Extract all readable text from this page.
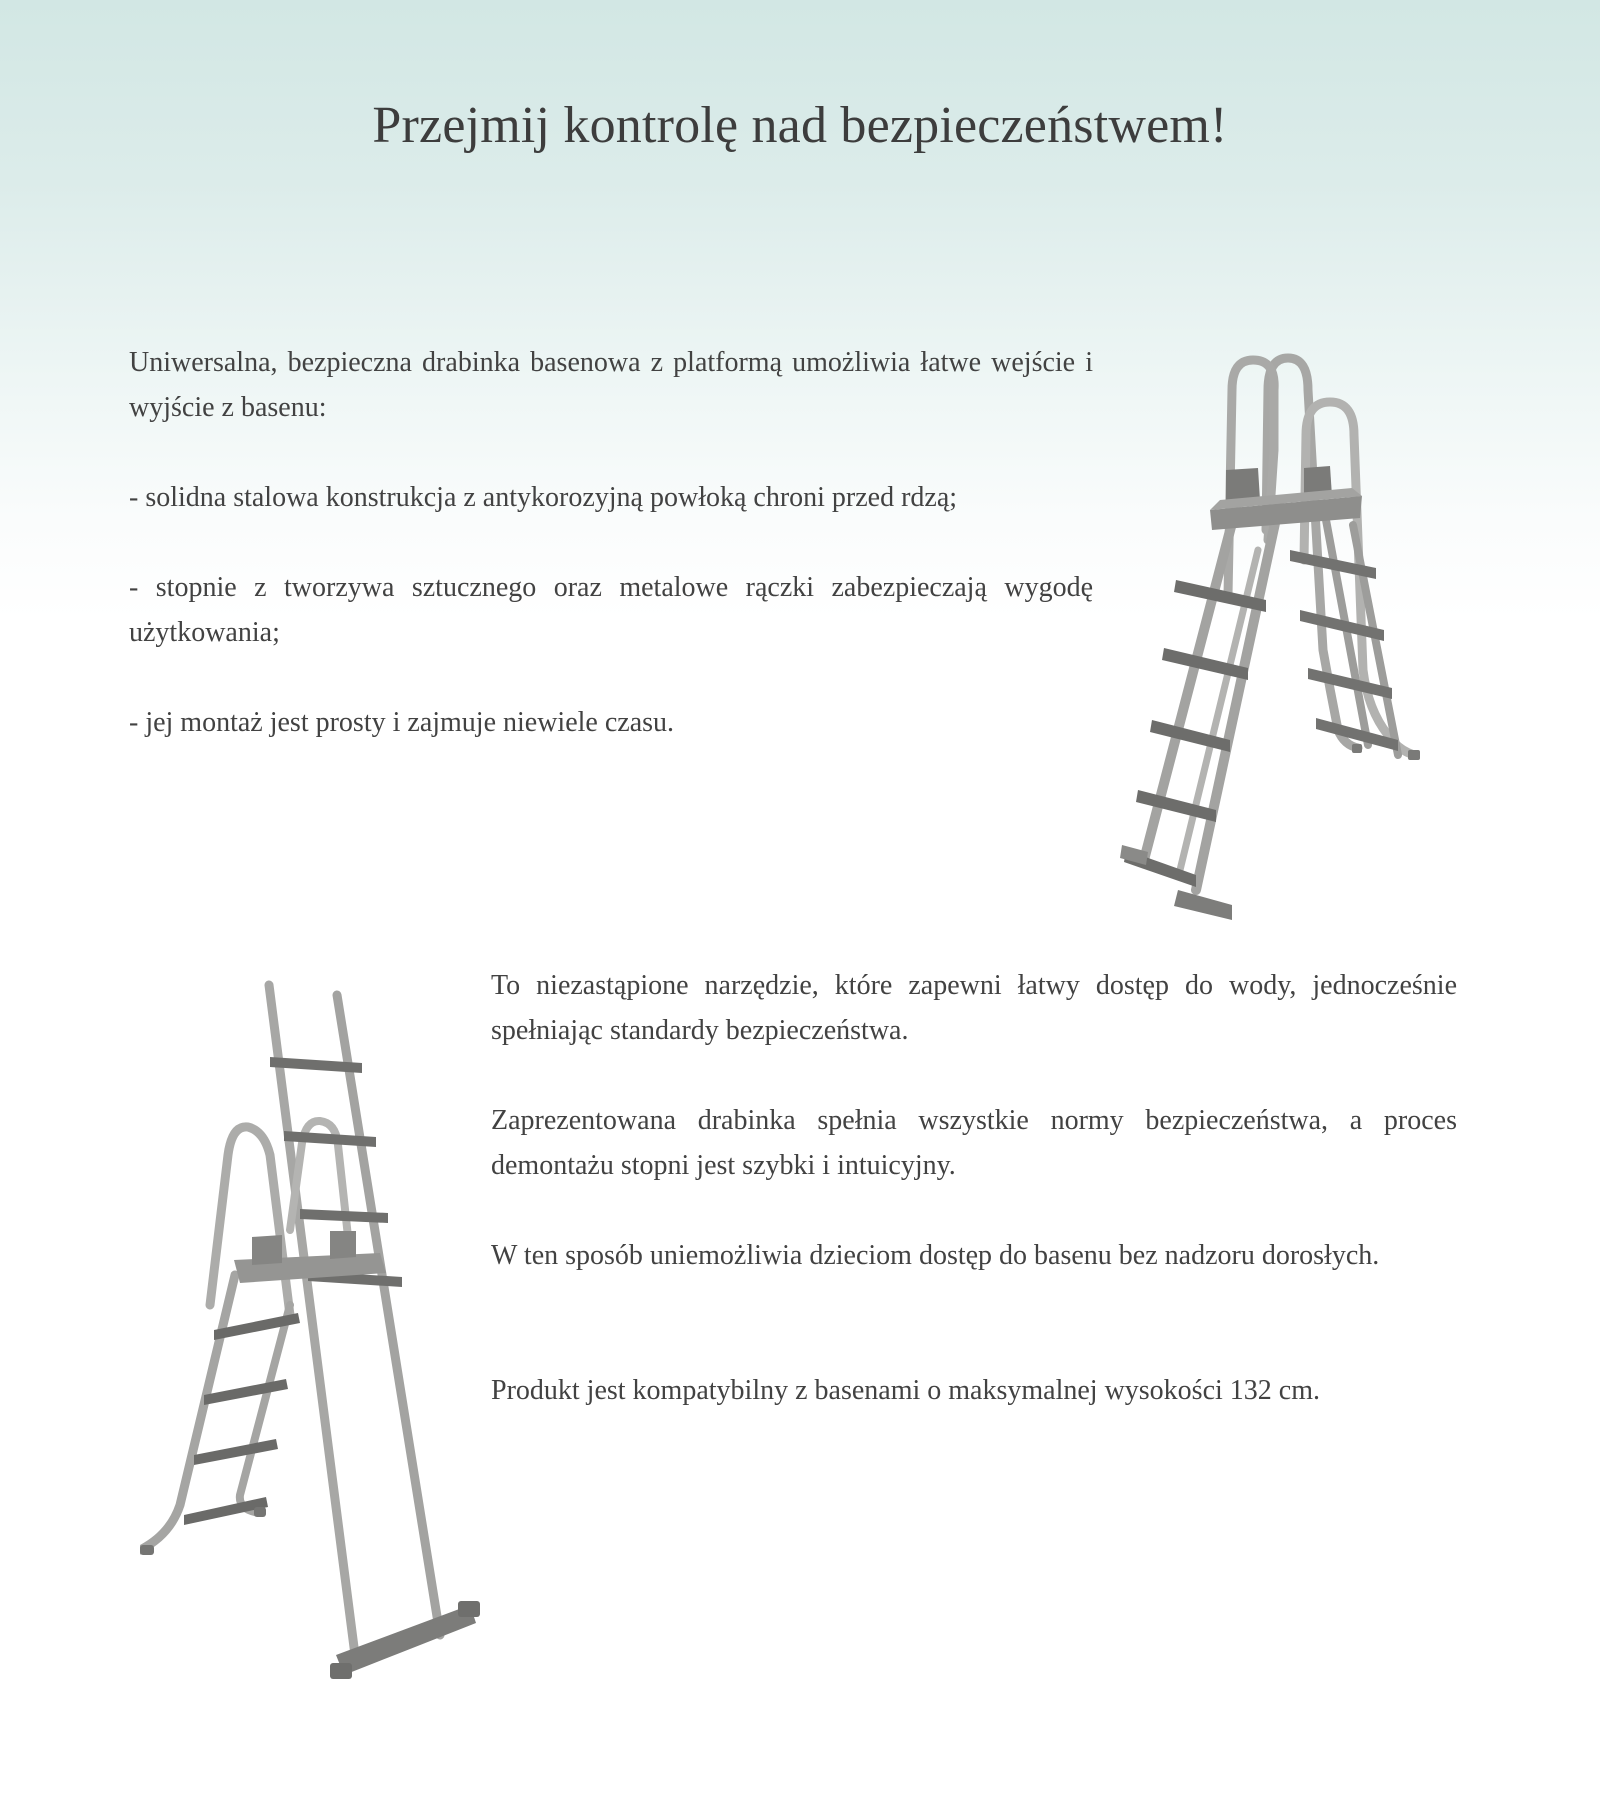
Przejmij kontrolę nad bezpieczeństwem!

Uniwersalna, bezpieczna drabinka basenowa z platformą umożliwia łatwe wejście i wyjście z basenu:

- solidna stalowa konstrukcja z antykorozyjną powłoką chroni przed rdzą;

- stopnie z tworzywa sztucznego oraz metalowe rączki zabezpieczają wygodę użytkowania;

- jej montaż jest prosty i zajmuje niewiele czasu.

To niezastąpione narzędzie, które zapewni łatwy dostęp do wody, jednocześnie spełniając standardy bezpieczeństwa.

Zaprezentowana drabinka spełnia wszystkie normy bezpieczeństwa, a proces demontażu stopni jest szybki i intuicyjny.

W ten sposób uniemożliwia dzieciom dostęp do basenu bez nadzoru dorosłych.

Produkt jest kompatybilny z basenami o maksymalnej wysokości 132 cm.
